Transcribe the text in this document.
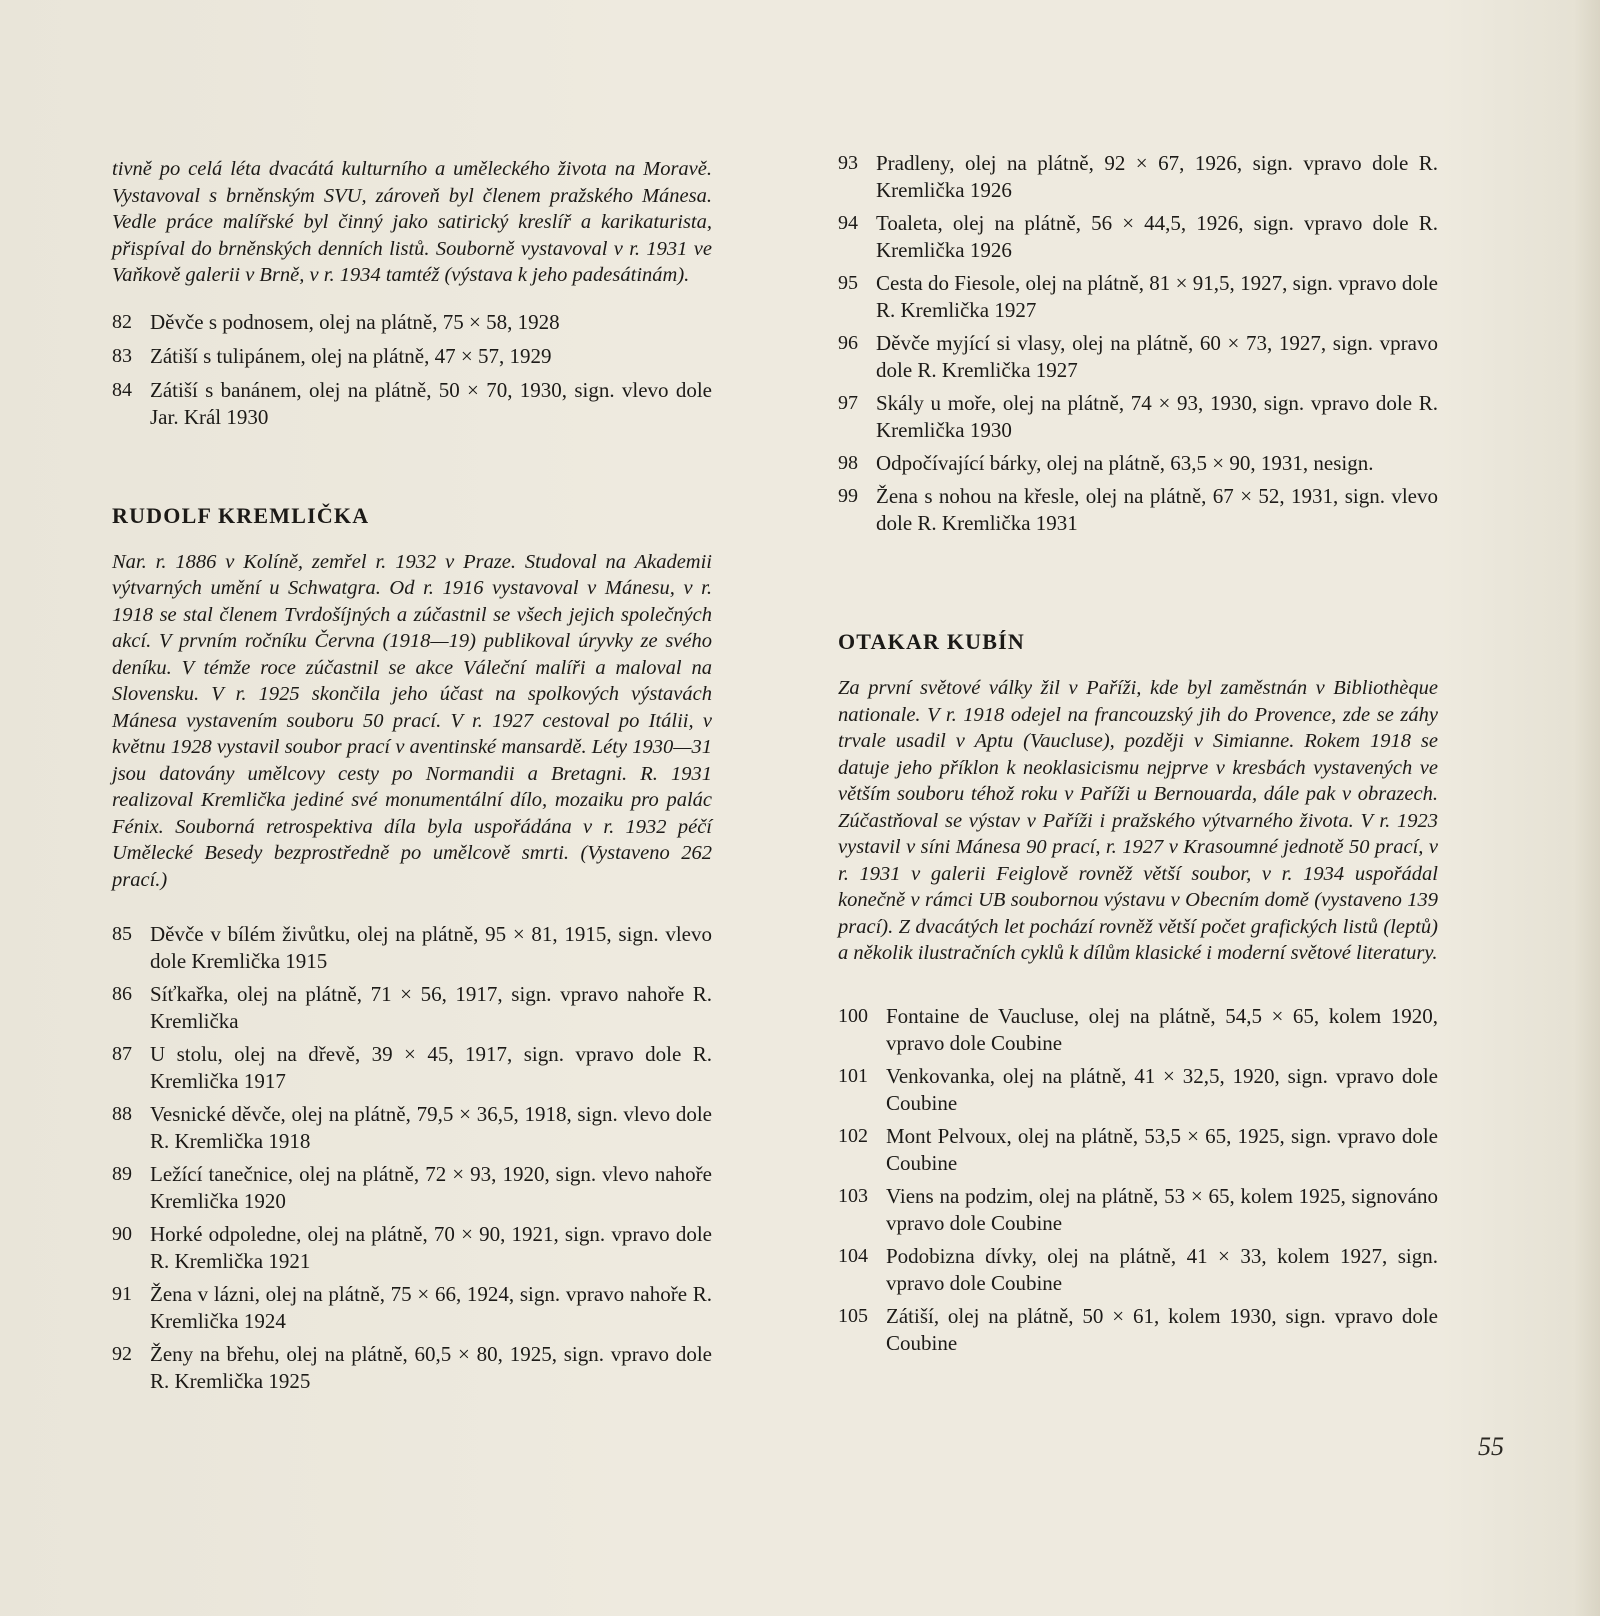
tivně po celá léta dvacátá kulturního a uměleckého života na Moravě. Vystavoval s brněnským SVU, zároveň byl členem pražského Mánesa. Vedle práce malířské byl činný jako satirický kreslíř a karikaturista, přispíval do brněnských denních listů. Souborně vystavoval v r. 1931 ve Vaňkově galerii v Brně, v r. 1934 tamtéž (výstava k jeho padesátinám).

82 Děvče s podnosem, olej na plátně, 75 × 58, 1928
83 Zátiší s tulipánem, olej na plátně, 47 × 57, 1929
84 Zátiší s banánem, olej na plátně, 50 × 70, 1930, sign. vlevo dole Jar. Král 1930
RUDOLF KREMLIČKA

Nar. r. 1886 v Kolíně, zemřel r. 1932 v Praze. Studoval na Akademii výtvarných umění u Schwatgra. Od r. 1916 vystavoval v Mánesu, v r. 1918 se stal členem Tvrdošíjných a zúčastnil se všech jejich společných akcí. V prvním ročníku Červnа (1918—19) publikoval úryvky ze svého deníku. V témže roce zúčastnil se akce Váleční malíři a maloval na Slovensku. V r. 1925 skončila jeho účast na spolkových výstavách Mánesa vystavením souboru 50 prací. V r. 1927 cestoval po Itálii, v květnu 1928 vystavil soubor prací v aventinské mansardě. Léty 1930—31 jsou datovány umělcovy cesty po Normandii a Bretagni. R. 1931 realizoval Kremlička jediné své monumentální dílo, mozaiku pro palác Fénix. Souborná retrospektiva díla byla uspořádána v r. 1932 péčí Umělecké Besedy bezprostředně po umělcově smrti. (Vystaveno 262 prací.)

85 Děvče v bílém živůtku, olej na plátně, 95 × 81, 1915, sign. vlevo dole Kremlička 1915
86 Síťkařka, olej na plátně, 71 × 56, 1917, sign. vpravo nahoře R. Kremlička
87 U stolu, olej na dřevě, 39 × 45, 1917, sign. vpravo dole R. Kremlička 1917
88 Vesnické děvče, olej na plátně, 79,5 × 36,5, 1918, sign. vlevo dole R. Kremlička 1918
89 Ležící tanečnice, olej na plátně, 72 × 93, 1920, sign. vlevo nahoře Kremlička 1920
90 Horké odpoledne, olej na plátně, 70 × 90, 1921, sign. vpravo dole R. Kremlička 1921
91 Žena v lázni, olej na plátně, 75 × 66, 1924, sign. vpravo nahoře R. Kremlička 1924
92 Ženy na břehu, olej na plátně, 60,5 × 80, 1925, sign. vpravo dole R. Kremlička 1925
93 Pradleny, olej na plátně, 92 × 67, 1926, sign. vpravo dole R. Kremlička 1926
94 Toaleta, olej na plátně, 56 × 44,5, 1926, sign. vpravo dole R. Kremlička 1926
95 Cesta do Fiesole, olej na plátně, 81 × 91,5, 1927, sign. vpravo dole R. Kremlička 1927
96 Děvče myjící si vlasy, olej na plátně, 60 × 73, 1927, sign. vpravo dole R. Kremlička 1927
97 Skály u moře, olej na plátně, 74 × 93, 1930, sign. vpravo dole R. Kremlička 1930
98 Odpočívající bárky, olej na plátně, 63,5 × 90, 1931, nesign.
99 Žena s nohou na křesle, olej na plátně, 67 × 52, 1931, sign. vlevo dole R. Kremlička 1931
OTAKAR KUBÍN

Za první světové války žil v Paříži, kde byl zaměstnán v Bibliothèque nationale. V r. 1918 odejel na francouzský jih do Provence, zde se záhy trvale usadil v Aptu (Vaucluse), později v Simianne. Rokem 1918 se datuje jeho příklon k neoklasicismu nejprve v kresbách vystavených ve větším souboru téhož roku v Paříži u Bernouarda, dále pak v obrazech. Zúčastňoval se výstav v Paříži i pražského výtvarného života. V r. 1923 vystavil v síni Mánesa 90 prací, r. 1927 v Krasoumné jednotě 50 prací, v r. 1931 v galerii Feiglově rovněž větší soubor, v r. 1934 uspořádal konečně v rámci UB soubornou výstavu v Obecním domě (vystaveno 139 prací). Z dvacátých let pochází rovněž větší počet grafických listů (leptů) a několik ilustračních cyklů k dílům klasické i moderní světové literatury.

100 Fontaine de Vaucluse, olej na plátně, 54,5 × 65, kolem 1920, vpravo dole Coubine
101 Venkovanka, olej na plátně, 41 × 32,5, 1920, sign. vpravo dole Coubine
102 Mont Pelvoux, olej na plátně, 53,5 × 65, 1925, sign. vpravo dole Coubine
103 Viens na podzim, olej na plátně, 53 × 65, kolem 1925, signováno vpravo dole Coubine
104 Podobizna dívky, olej na plátně, 41 × 33, kolem 1927, sign. vpravo dole Coubine
105 Zátiší, olej na plátně, 50 × 61, kolem 1930, sign. vpravo dole Coubine
55
